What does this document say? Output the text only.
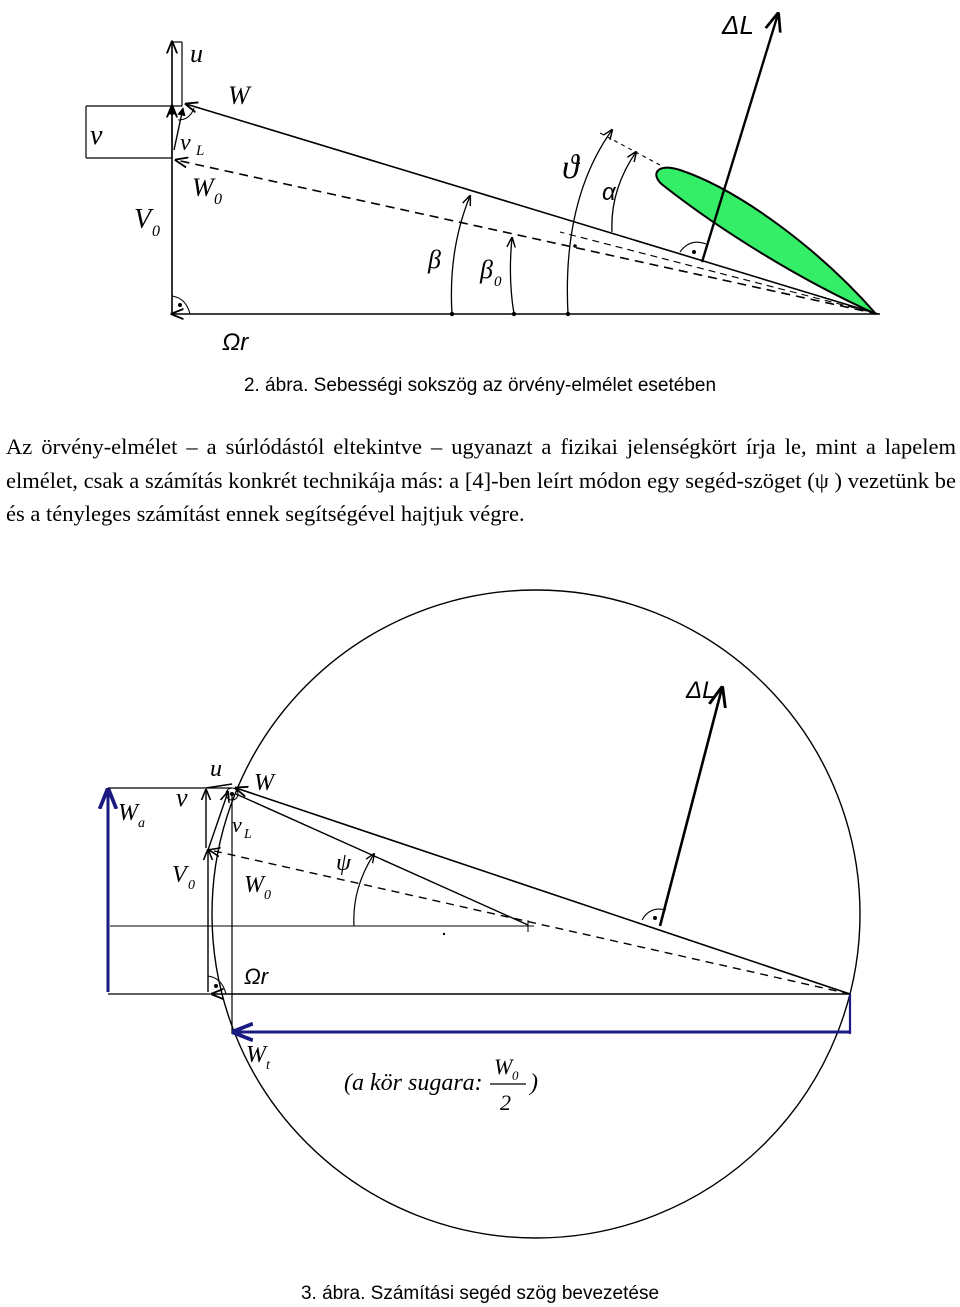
u
W
v	v L
W 0
V 0
ϑ
α
β β 0
Ωr
ΔL
2. ábra. Sebességi sokszög az örvény-elmélet esetében

Az örvény-elmélet – a súrlódástól eltekintve – ugyanazt a fizikai jelenségkört írja le, mint a lapelem elmélet, csak a számítás konkrét technikája más: a [4]-ben leírt módon egy segéd-szöget (ψ ) vezetünk be és a tényleges számítást ennek segítségével hajtjuk végre.

u
W
W a
v
v L
V 0 W 0
ψ
Ωr
W t
ΔL
(a kör sugara:
W 0
2
)
3. ábra. Számítási segéd szög bevezetése
